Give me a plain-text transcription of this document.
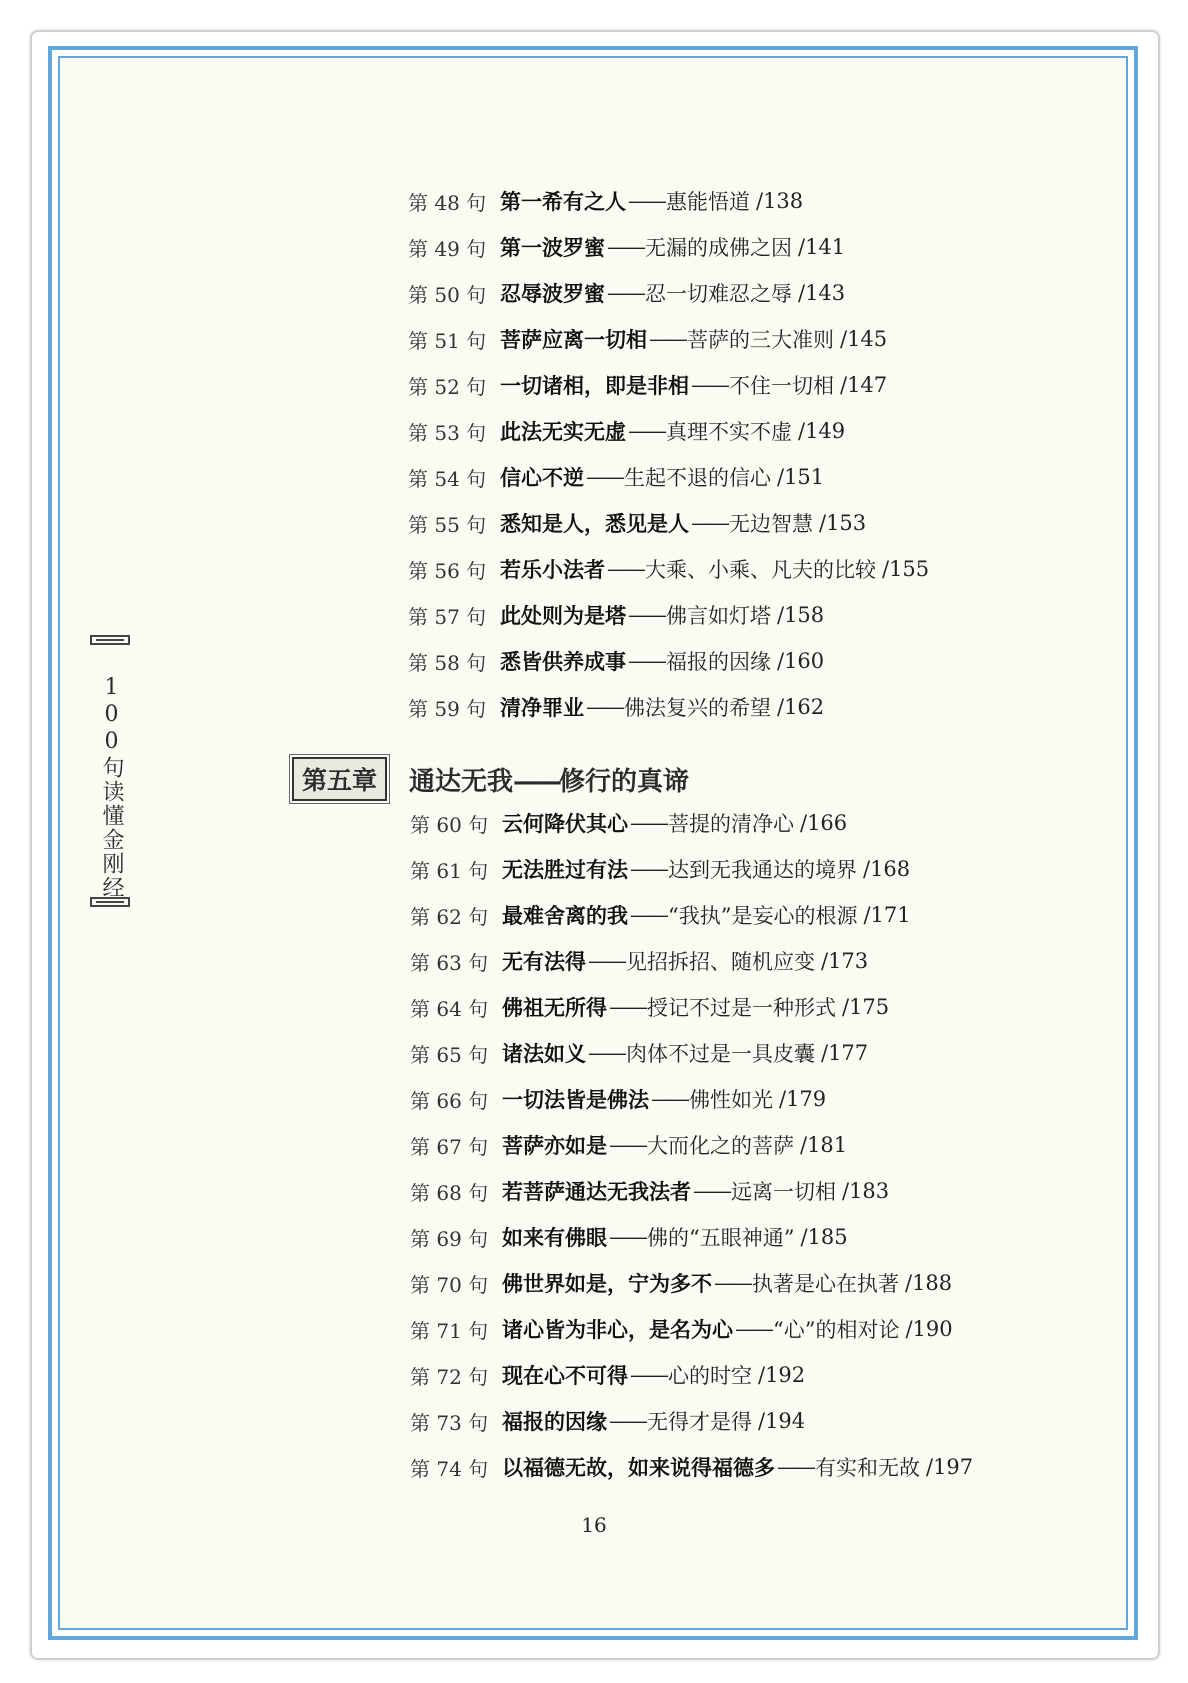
100句读懂金刚经
第 48 句 第一希有之人 —— 惠能悟道 /138
第 49 句 第一波罗蜜 —— 无漏的成佛之因 /141
第 50 句 忍辱波罗蜜 —— 忍一切难忍之辱 /143
第 51 句 菩萨应离一切相 —— 菩萨的三大准则 /145
第 52 句 一切诸相，即是非相 —— 不住一切相 /147
第 53 句 此法无实无虚 —— 真理不实不虚 /149
第 54 句 信心不逆 —— 生起不退的信心 /151
第 55 句 悉知是人，悉见是人 —— 无边智慧 /153
第 56 句 若乐小法者 —— 大乘、小乘、凡夫的比较 /155
第 57 句 此处则为是塔 —— 佛言如灯塔 /158
第 58 句 悉皆供养成事 —— 福报的因缘 /160
第 59 句 清净罪业 —— 佛法复兴的希望 /162
第五章	通达无我——修行的真谛
第 60 句 云何降伏其心 —— 菩提的清净心 /166
第 61 句 无法胜过有法 —— 达到无我通达的境界 /168
第 62 句 最难舍离的我 —— “我执”是妄心的根源 /171
第 63 句 无有法得 —— 见招拆招、随机应变 /173
第 64 句 佛祖无所得 —— 授记不过是一种形式 /175
第 65 句 诸法如义 —— 肉体不过是一具皮囊 /177
第 66 句 一切法皆是佛法 —— 佛性如光 /179
第 67 句 菩萨亦如是 —— 大而化之的菩萨 /181
第 68 句 若菩萨通达无我法者 —— 远离一切相 /183
第 69 句 如来有佛眼 —— 佛的“五眼神通” /185
第 70 句 佛世界如是，宁为多不 —— 执著是心在执著 /188
第 71 句 诸心皆为非心，是名为心 —— “心”的相对论 /190
第 72 句 现在心不可得 —— 心的时空 /192
第 73 句 福报的因缘 —— 无得才是得 /194
第 74 句 以福德无故，如来说得福德多 —— 有实和无故 /197
16
